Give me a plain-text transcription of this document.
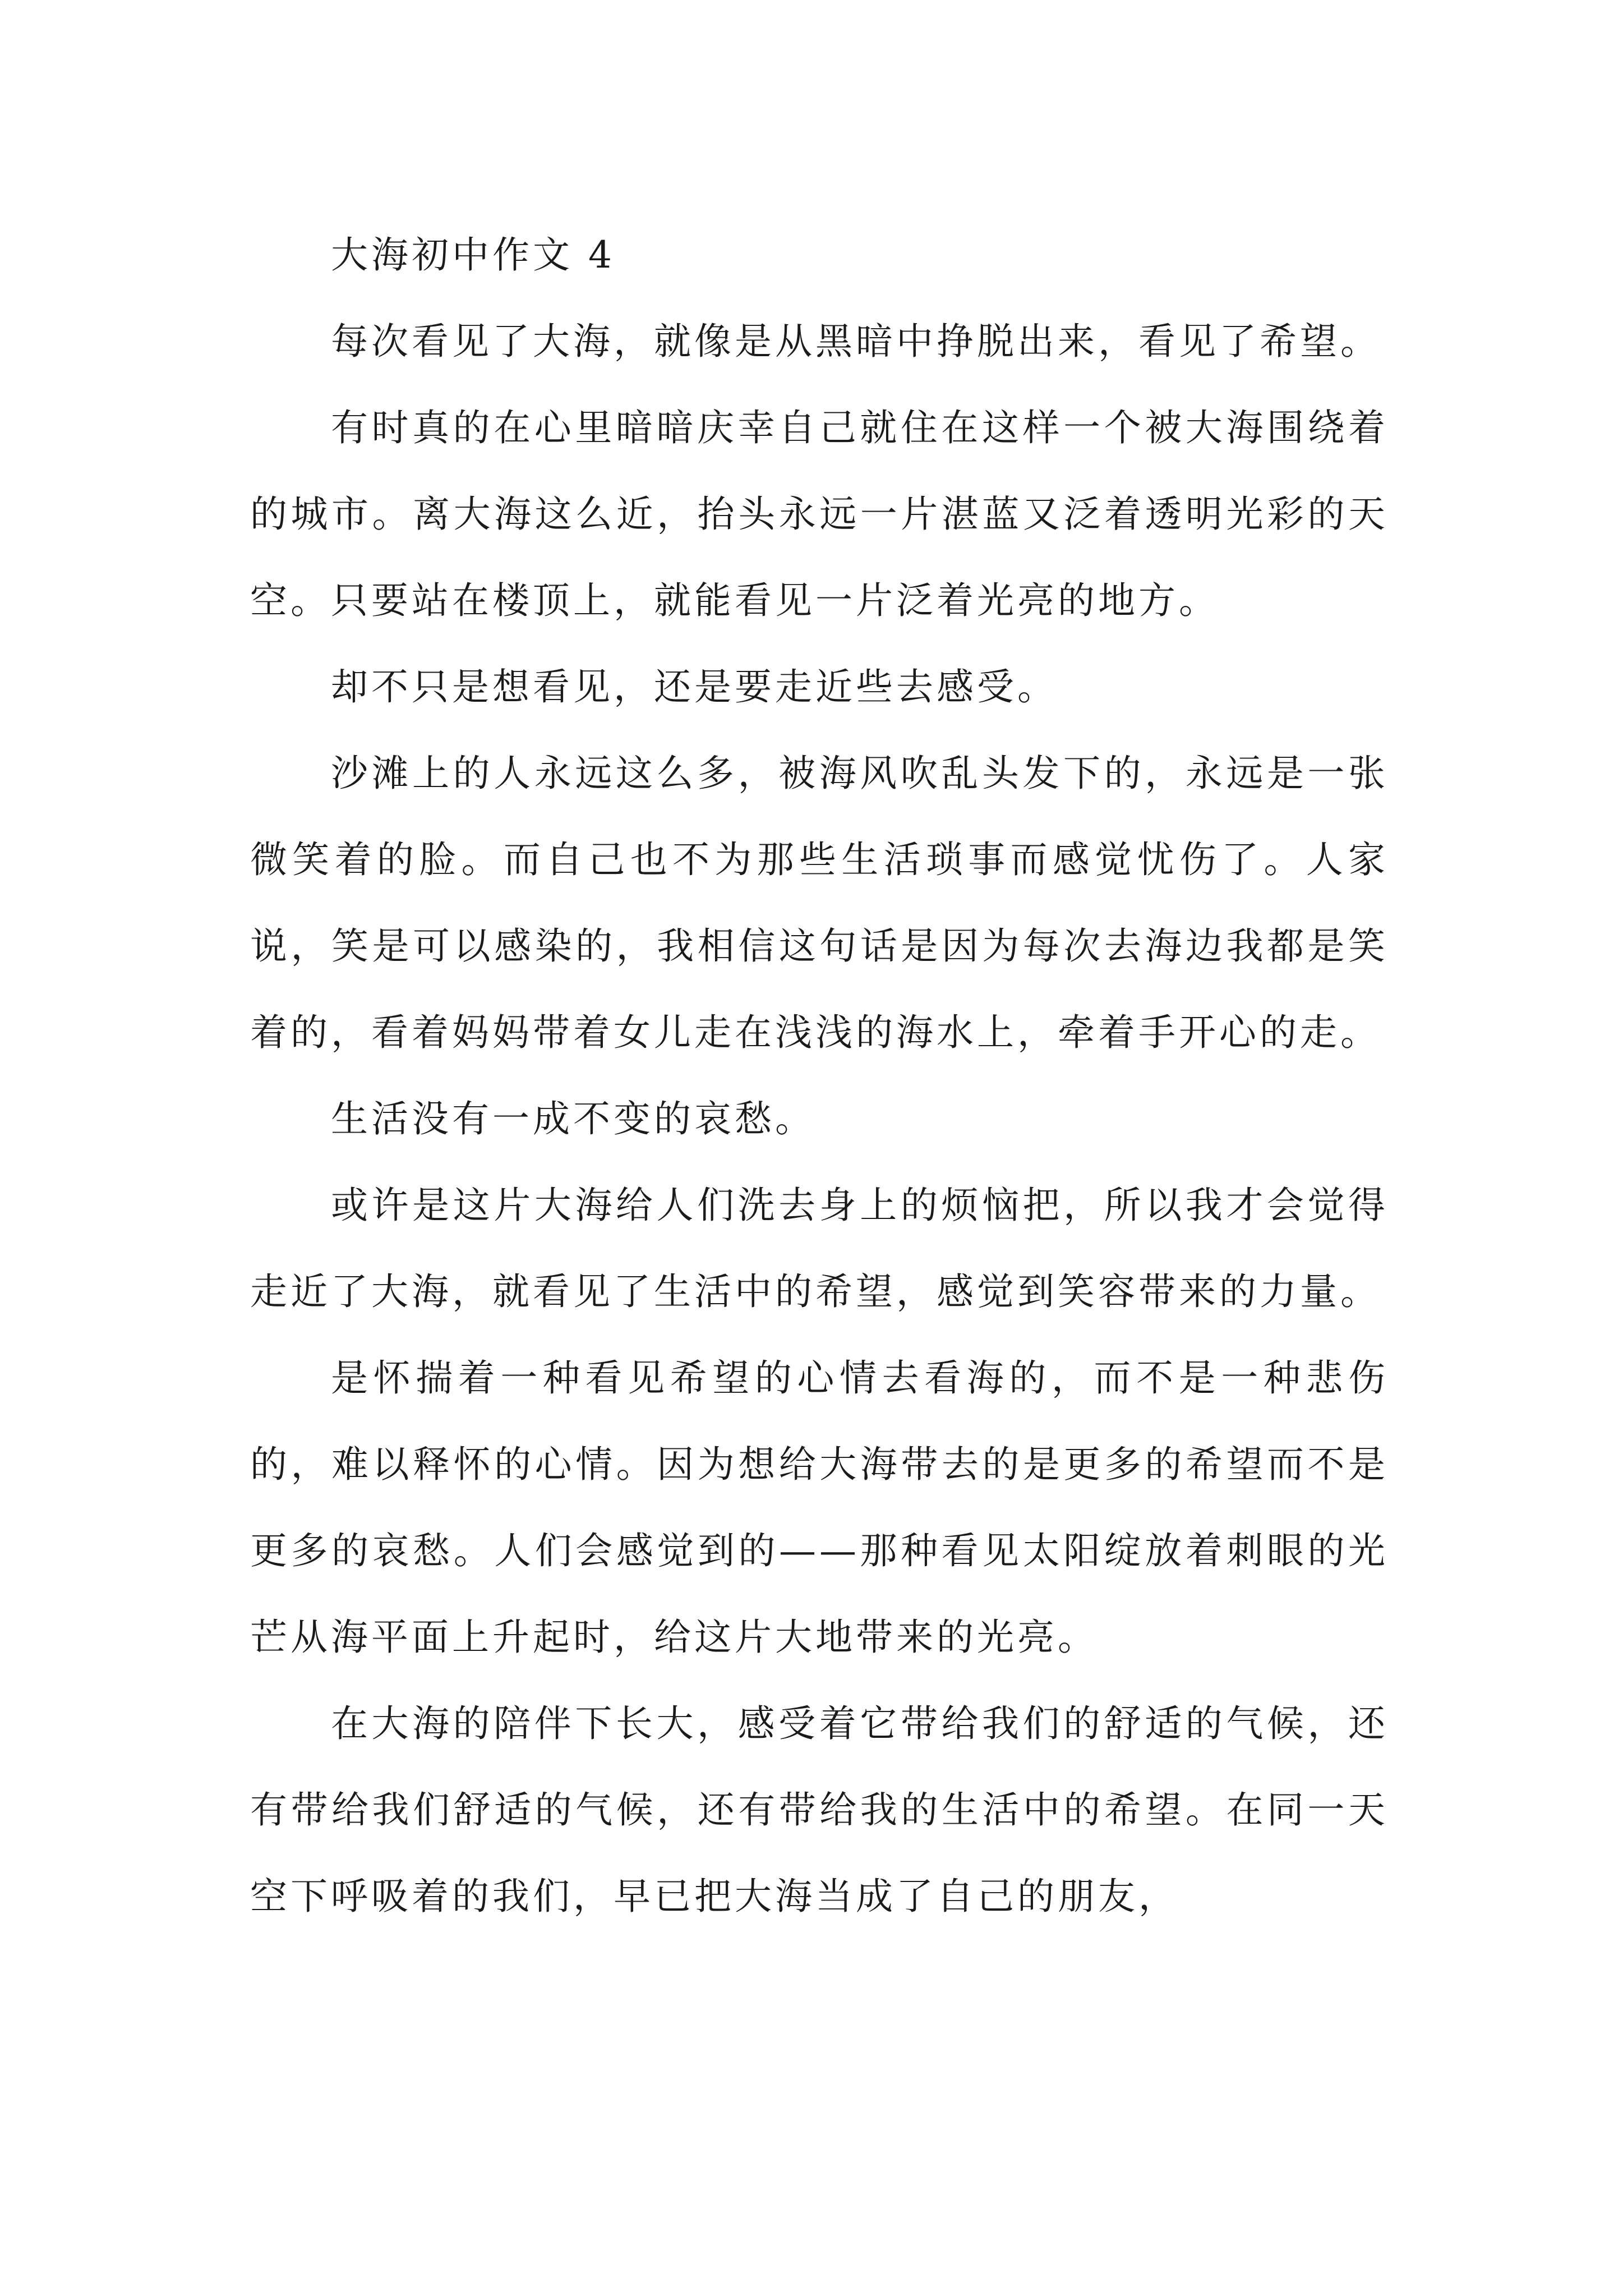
大海初中作文 4

每次看见了大海，就像是从黑暗中挣脱出来，看见了希望。

有时真的在心里暗暗庆幸自己就住在这样一个被大海围绕着的城市。离大海这么近，抬头永远一片湛蓝又泛着透明光彩的天空。只要站在楼顶上，就能看见一片泛着光亮的地方。

却不只是想看见，还是要走近些去感受。

沙滩上的人永远这么多，被海风吹乱头发下的，永远是一张微笑着的脸。而自己也不为那些生活琐事而感觉忧伤了。人家说，笑是可以感染的，我相信这句话是因为每次去海边我都是笑着的，看着妈妈带着女儿走在浅浅的海水上，牵着手开心的走。

生活没有一成不变的哀愁。

或许是这片大海给人们洗去身上的烦恼把，所以我才会觉得走近了大海，就看见了生活中的希望，感觉到笑容带来的力量。

是怀揣着一种看见希望的心情去看海的，而不是一种悲伤的，难以释怀的心情。因为想给大海带去的是更多的希望而不是更多的哀愁。人们会感觉到的——那种看见太阳绽放着刺眼的光芒从海平面上升起时，给这片大地带来的光亮。

在大海的陪伴下长大，感受着它带给我们的舒适的气候，还有带给我们舒适的气候，还有带给我的生活中的希望。在同一天空下呼吸着的我们，早已把大海当成了自己的朋友，
